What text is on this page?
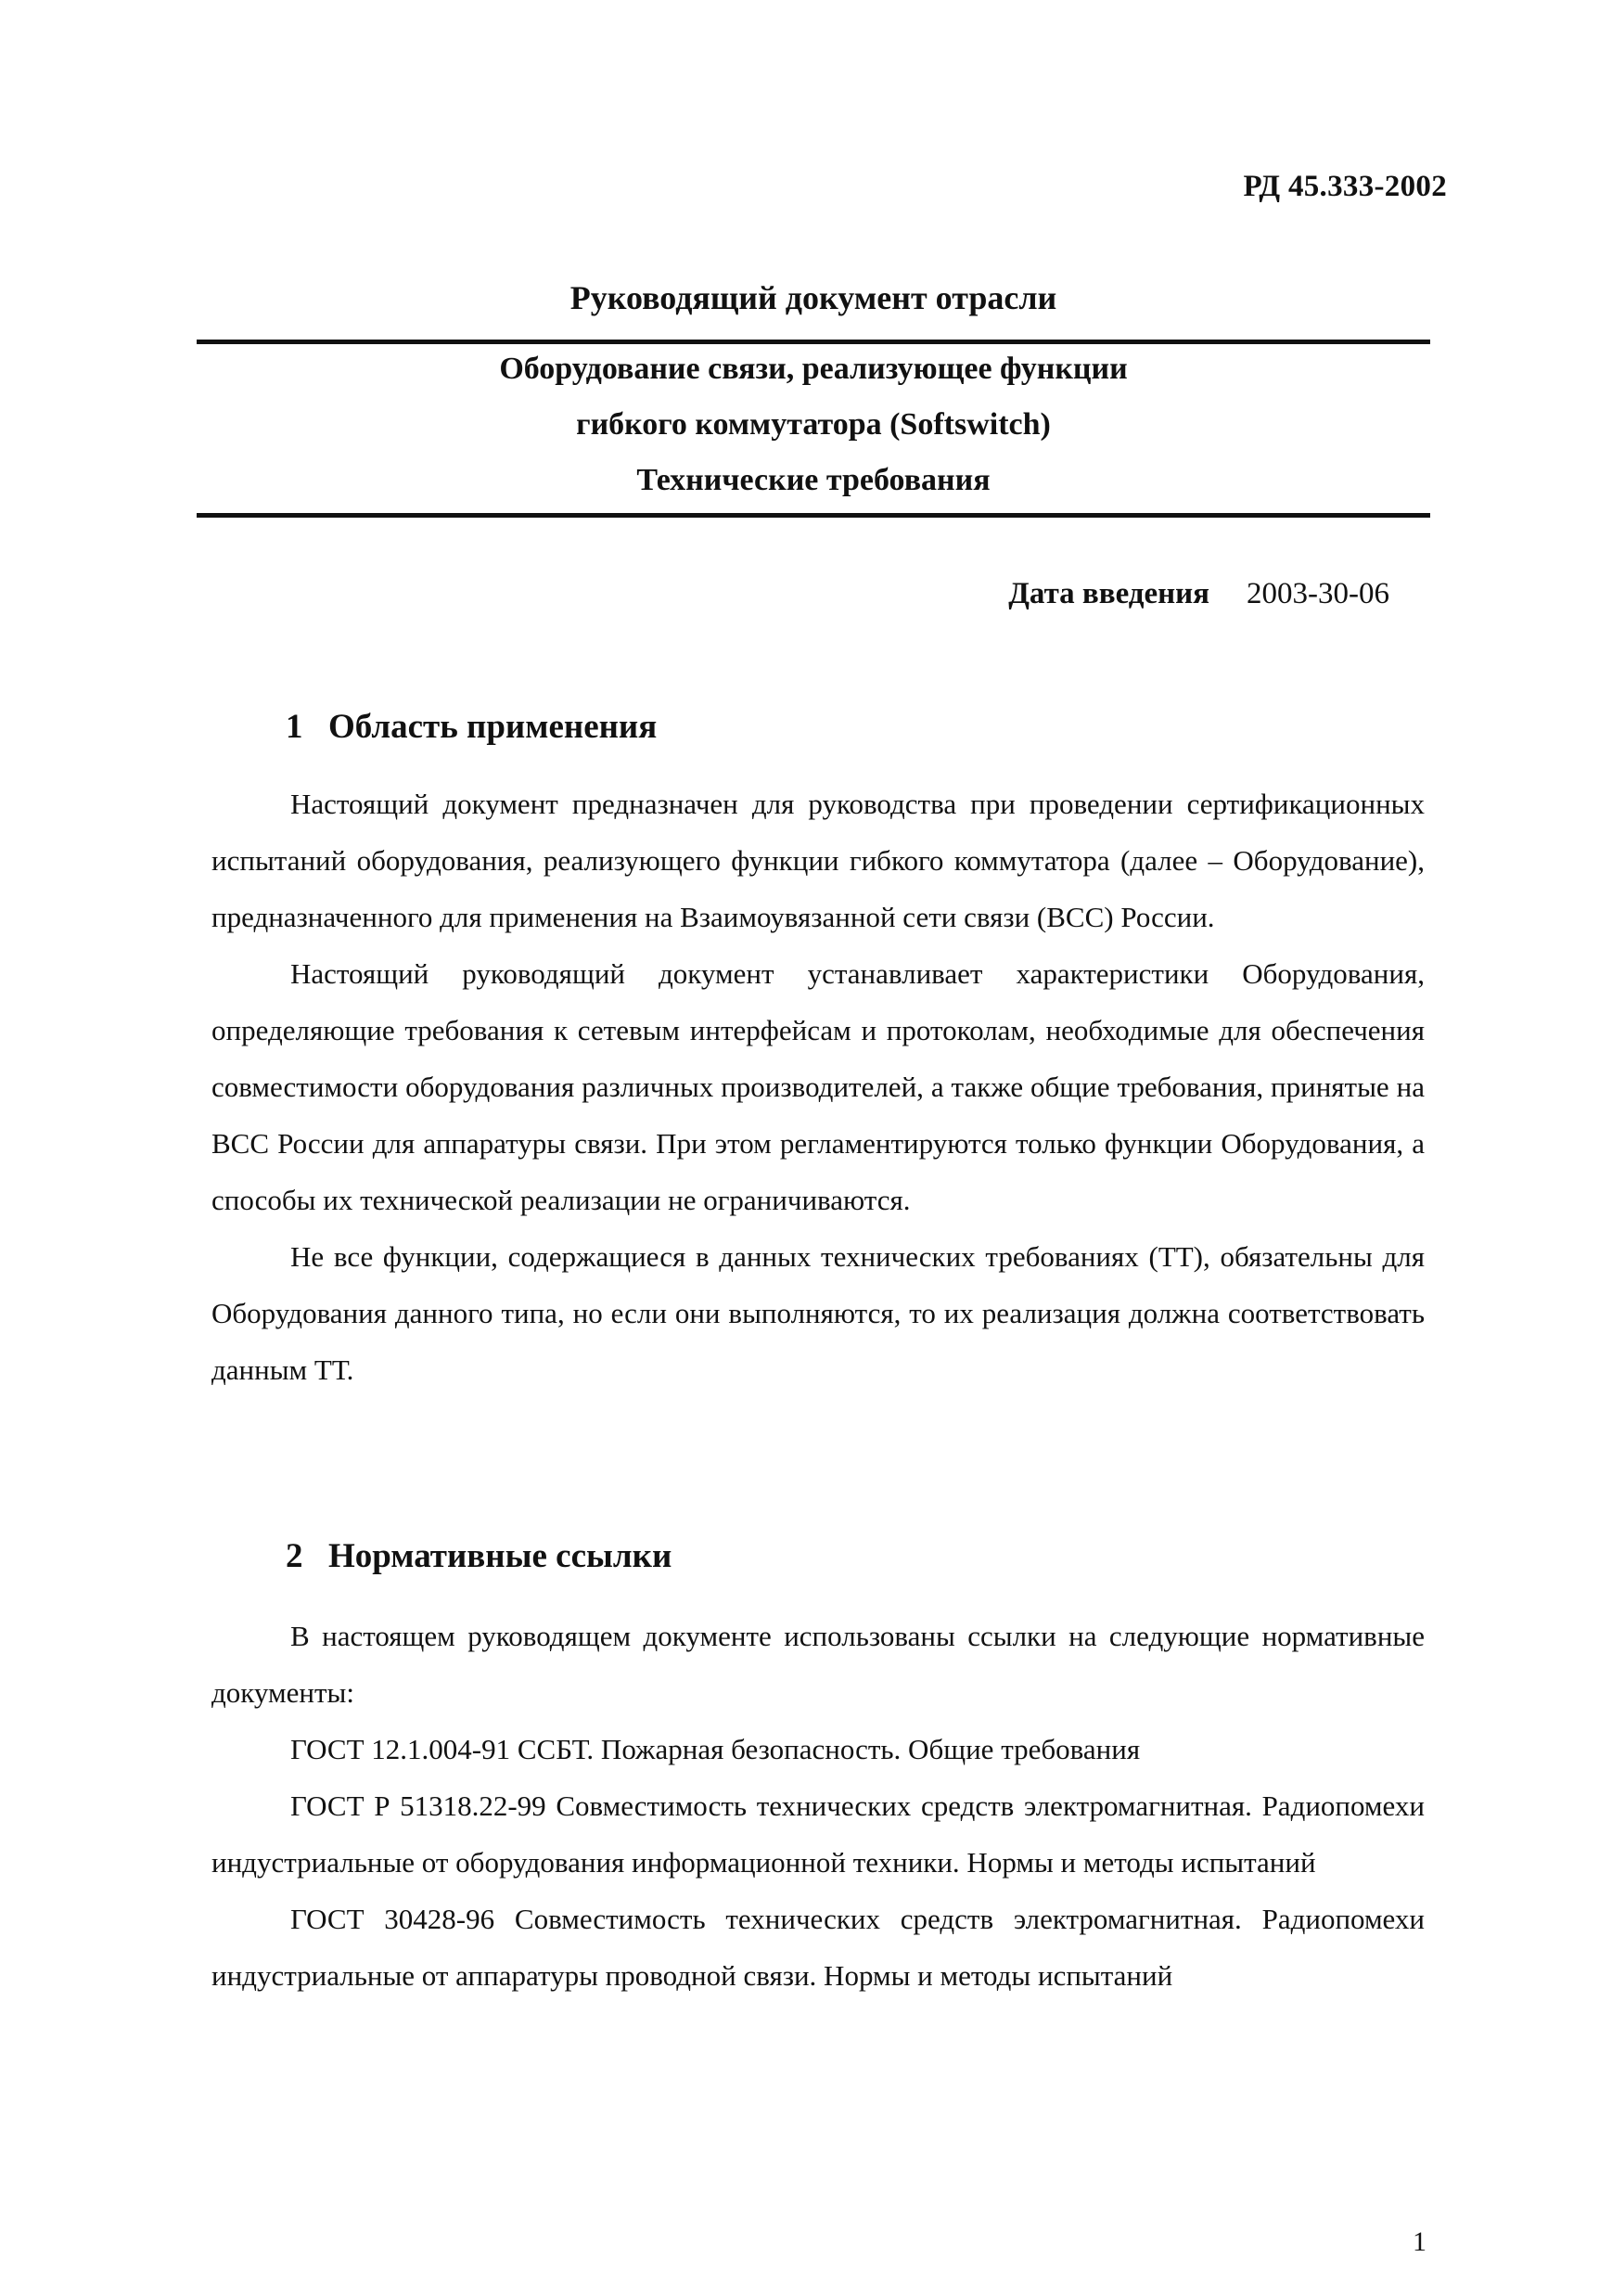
РД 45.333-2002
Руководящий документ отрасли
Оборудование связи, реализующее функции
гибкого коммутатора (Softswitch)
Технические требования
Дата введения 2003-30-06
1 Область применения

Настоящий документ предназначен для руководства при проведении сертификационных испытаний оборудования, реализующего функции гибкого коммутатора (далее – Оборудование), предназначенного для применения на Взаимоувязанной сети связи (ВСС) России.

Настоящий руководящий документ устанавливает характеристики Оборудования, определяющие требования к сетевым интерфейсам и протоколам, необходимые для обеспечения совместимости оборудования различных производителей, а также общие требования, принятые на ВСС России для аппаратуры связи. При этом регламентируются только функции Оборудования, а способы их технической реализации не ограничиваются.

Не все функции, содержащиеся в данных технических требованиях (ТТ), обязательны для Оборудования данного типа, но если они выполняются, то их реализация должна соответствовать данным ТТ.

2 Нормативные ссылки

В настоящем руководящем документе использованы ссылки на следующие нормативные документы:

ГОСТ 12.1.004-91 ССБТ. Пожарная безопасность. Общие требования

ГОСТ Р 51318.22-99 Совместимость технических средств электромагнитная. Радиопомехи индустриальные от оборудования информационной техники. Нормы и методы испытаний

ГОСТ 30428-96 Совместимость технических средств электромагнитная. Радиопомехи индустриальные от аппаратуры проводной связи. Нормы и методы испытаний

1
